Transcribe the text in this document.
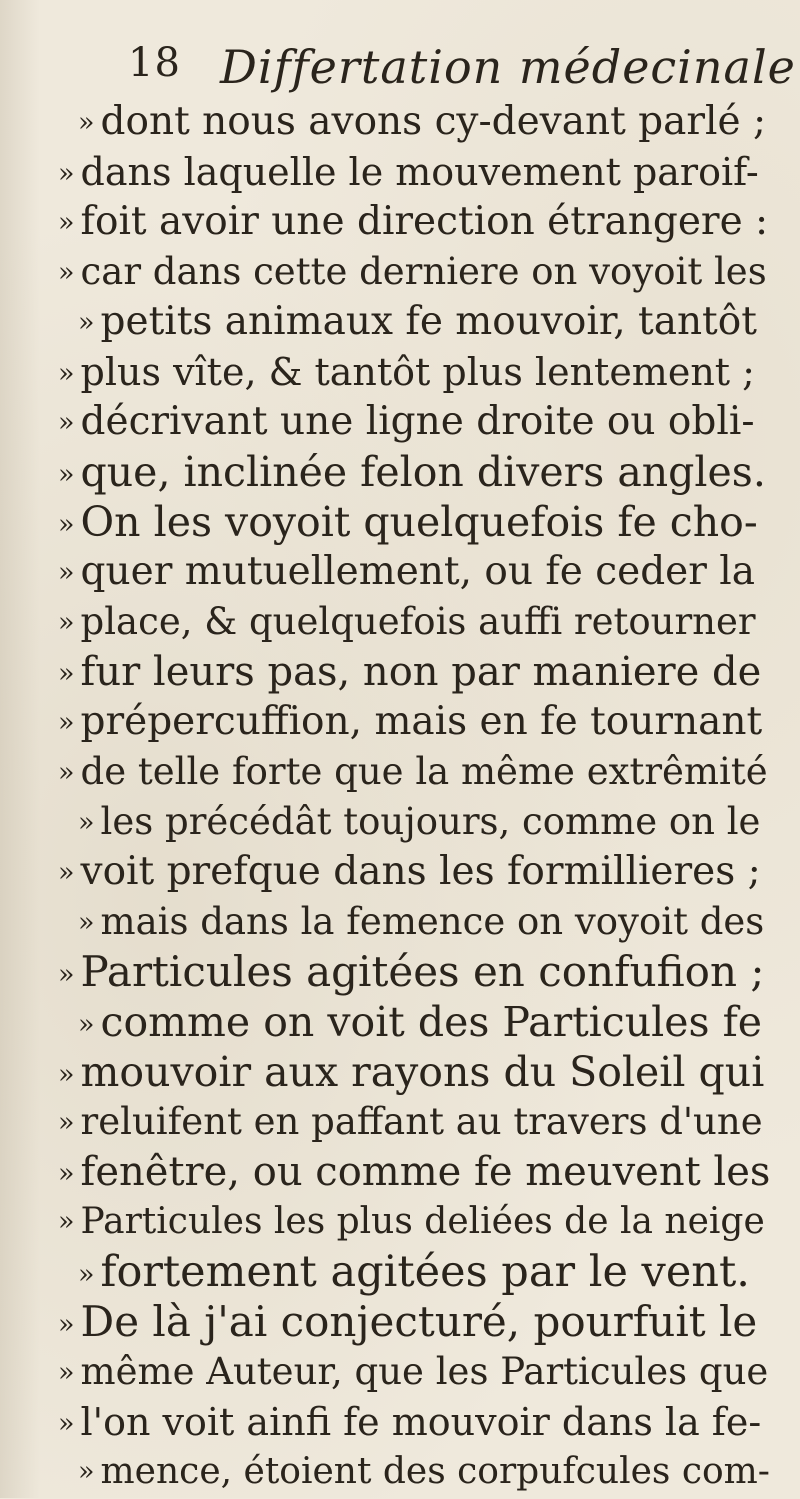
18 Differtation médecinale
» dont nous avons cy-devant parlé ;
» dans laquelle le mouvement paroif-
» foit avoir une direction étrangere :
» car dans cette derniere on voyoit les
» petits animaux fe mouvoir, tantôt
» plus vîte, & tantôt plus lentement ;
» décrivant une ligne droite ou obli-
» que, inclinée felon divers angles.
» On les voyoit quelquefois fe cho-
» quer mutuellement, ou fe ceder la
» place, & quelquefois auffi retourner
» fur leurs pas, non par maniere de
» prépercuffion, mais en fe tournant
» de telle forte que la même extrêmité
» les précédât toujours, comme on le
» voit prefque dans les formillieres ;
» mais dans la femence on voyoit des
» Particules agitées en confufion ;
» comme on voit des Particules fe
» mouvoir aux rayons du Soleil qui
» reluifent en paffant au travers d'une
» fenêtre, ou comme fe meuvent les
» Particules les plus deliées de la neige
» fortement agitées par le vent.
» De là j'ai conjecturé, pourfuit le
» même Auteur, que les Particules que
» l'on voit ainfi fe mouvoir dans la fe-
» mence, étoient des corpufcules com-
